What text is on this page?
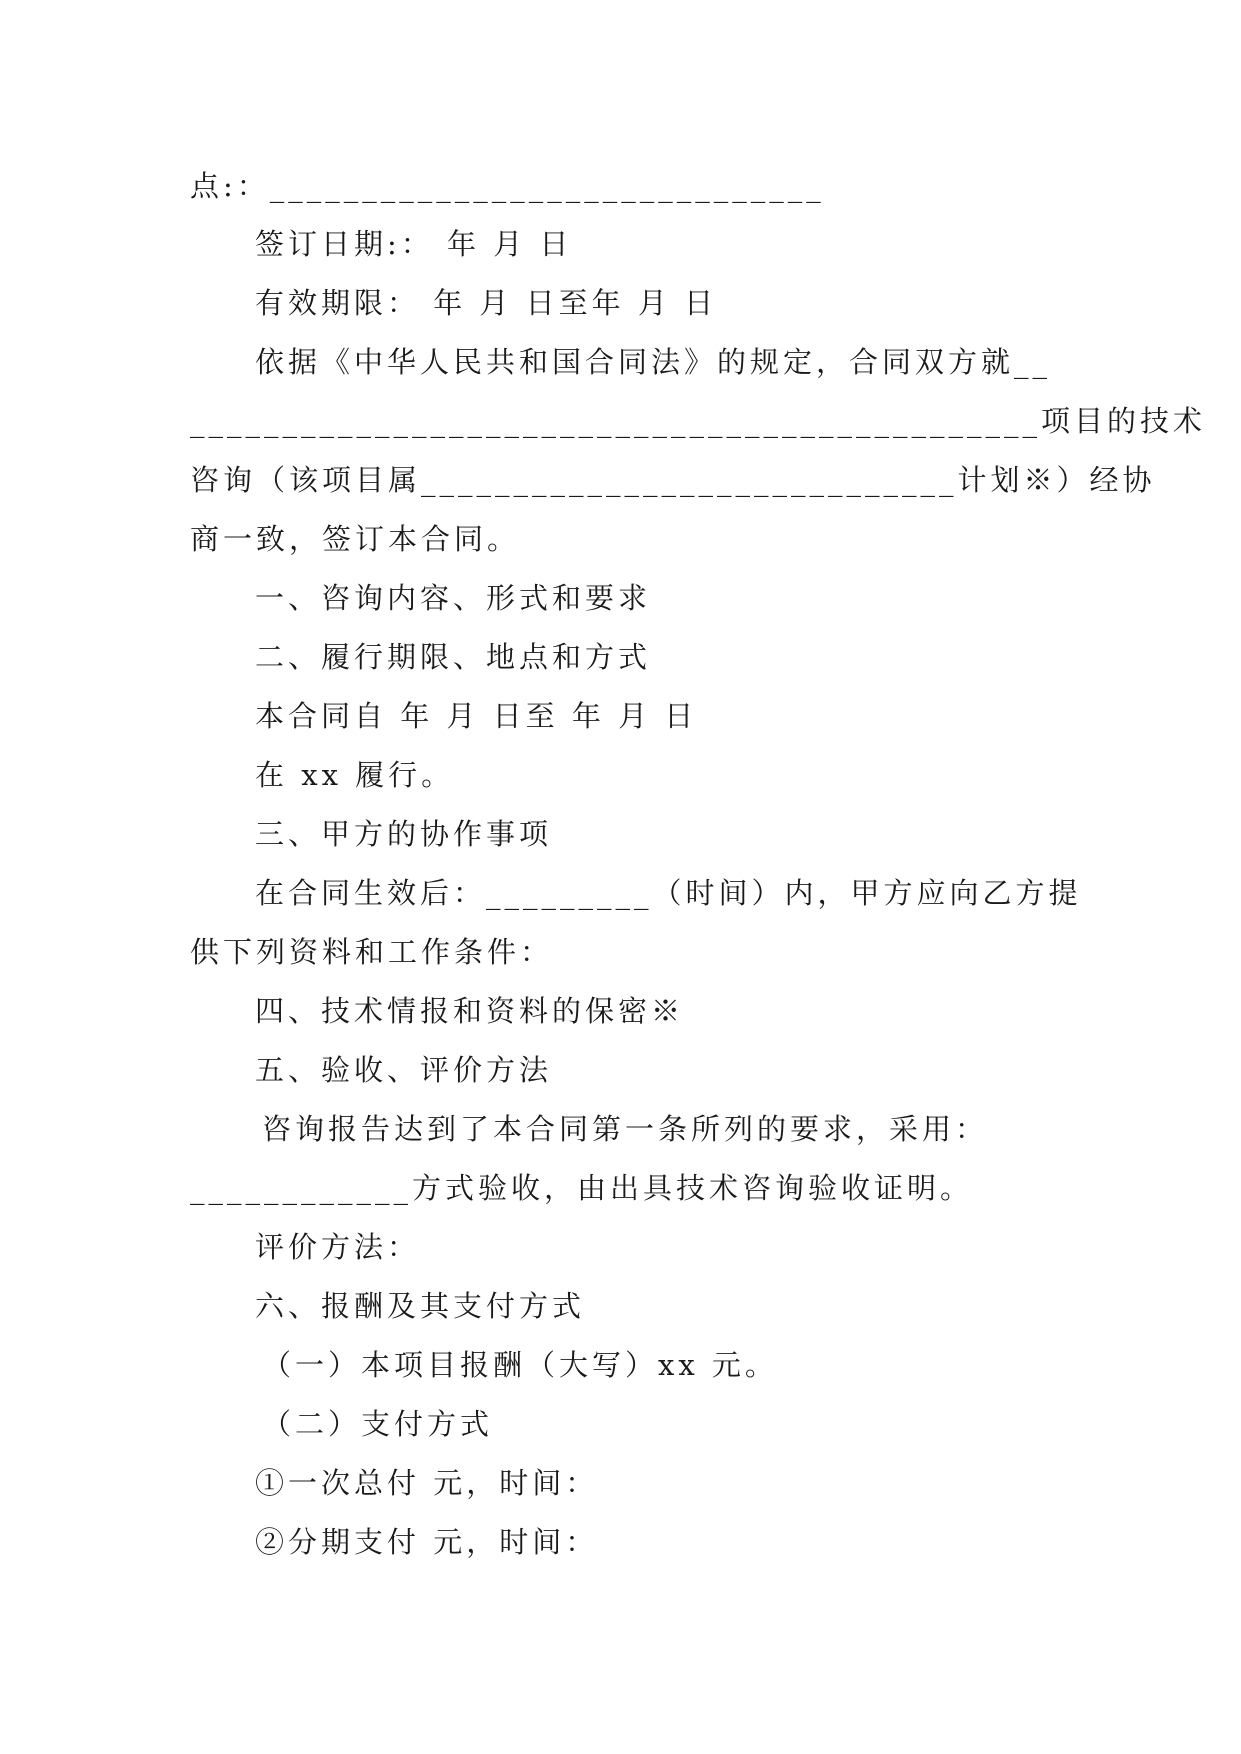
点:：______________________________
签订日期:： 年 月 日
有效期限： 年 月 日至年 月 日
依据《中华人民共和国合同法》的规定，合同双方就__
______________________________________________项目的技术
咨询（该项目属_____________________________计划※）经协
商一致，签订本合同。
一、咨询内容、形式和要求
二、履行期限、地点和方式
本合同自 年 月 日至 年 月 日
在 xx 履行。
三、甲方的协作事项
在合同生效后：_________（时间）内，甲方应向乙方提
供下列资料和工作条件：
四、技术情报和资料的保密※
五、验收、评价方法
咨询报告达到了本合同第一条所列的要求，采用：
____________方式验收，由出具技术咨询验收证明。
评价方法：
六、报酬及其支付方式
（一）本项目报酬（大写）xx 元。
（二）支付方式
①一次总付 元，时间：
②分期支付 元，时间：
